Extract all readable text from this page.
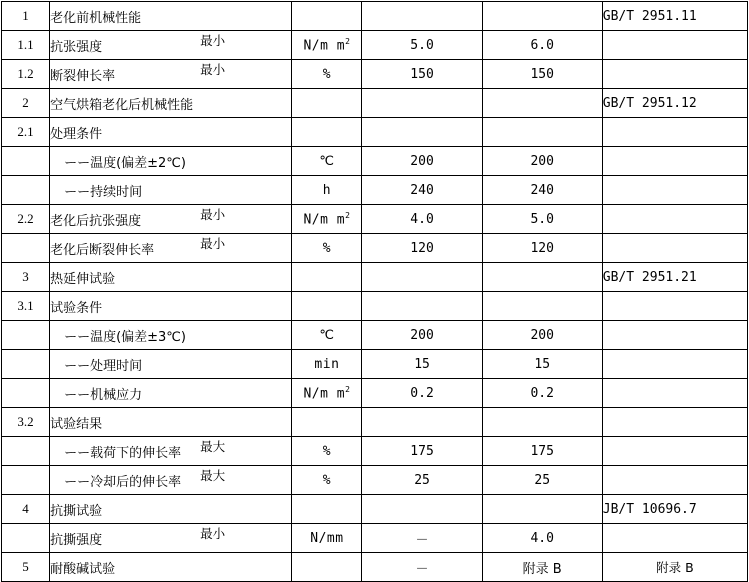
1	老化前机械性能				GB/T 2951.11
1.1	抗张强度 最小	N/m $m^2$	5.0	6.0	
1.2	断裂伸长率 最小	%	150	150	
2	空气烘箱老化后机械性能				GB/T 2951.12
2.1	处理条件				
	ーー温度(偏差±2℃)	℃	200	200	
	ーー持续时间	h	240	240	
2.2	老化后抗张强度 最小	N/m $m^2$	4.0	5.0	
	老化后断裂伸长率 最小	%	120	120	
3	热延伸试验				GB/T 2951.21
3.1	试验条件				
	ーー温度(偏差±3℃)	℃	200	200	
	ーー处理时间	min	15	15	
	ーー机械应力	N/m $m^2$	0.2	0.2	
3.2	试验结果				
	ーー载荷下的伸长率 最大	%	175	175	
	ーー冷却后的伸长率 最大	%	25	25	
4	抗撕试验				JB/T 10696.7
	抗撕强度 最小	N/mm	－	4.0	
5	耐酸碱试验		－	附录 B	附录 B
